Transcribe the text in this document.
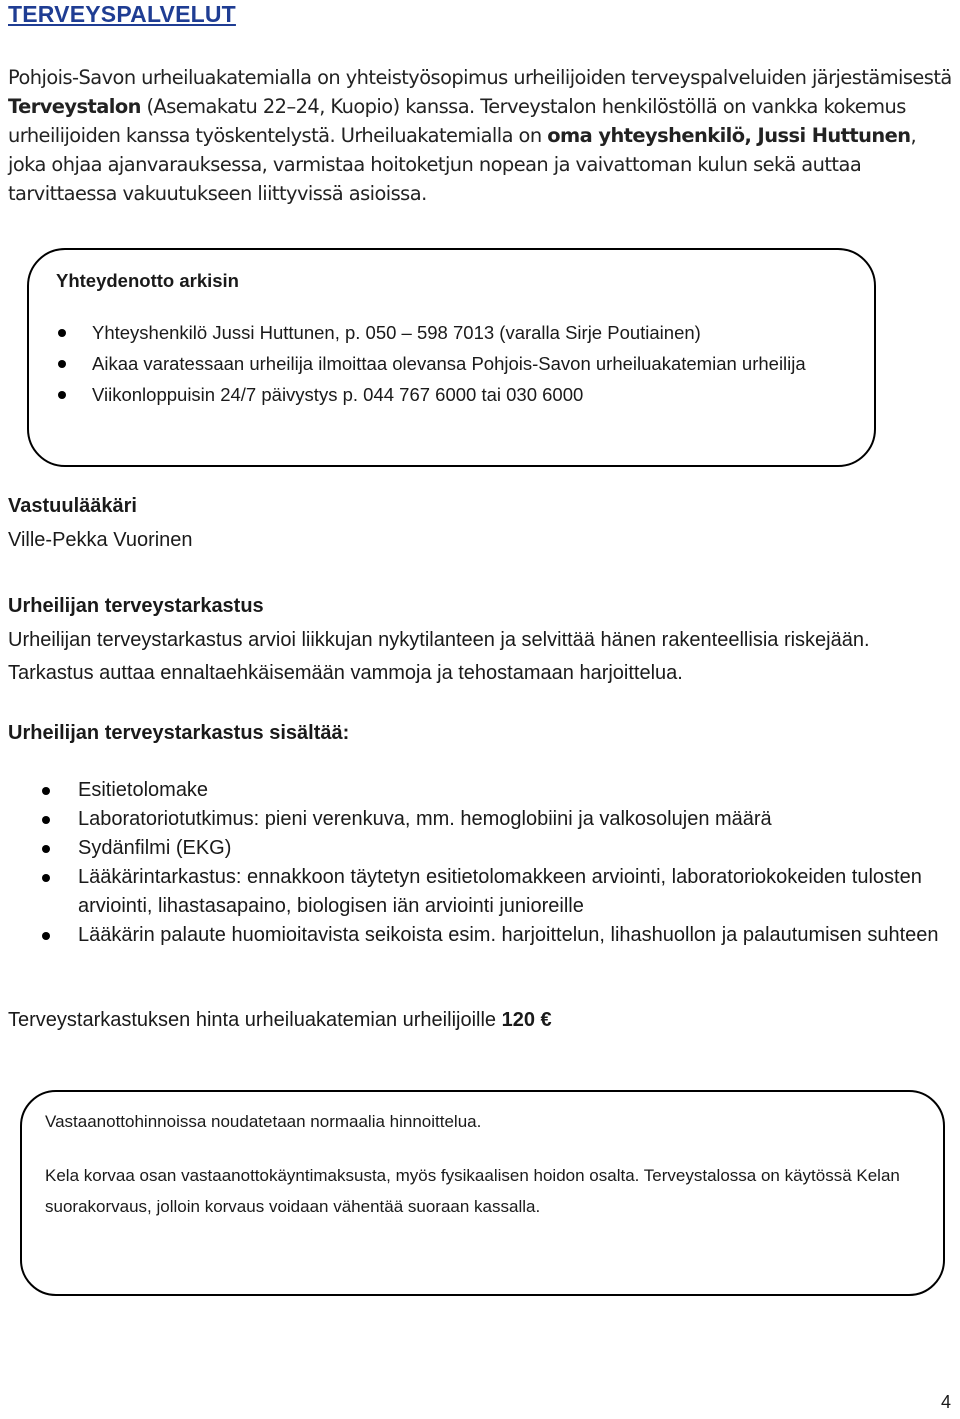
TERVEYSPALVELUT
Pohjois-Savon urheiluakatemialla on yhteistyösopimus urheilijoiden terveyspalveluiden järjestämisestä Terveystalon (Asemakatu 22–24, Kuopio) kanssa. Terveystalon henkilöstöllä on vankka kokemus urheilijoiden kanssa työskentelystä. Urheiluakatemialla on oma yhteyshenkilö, Jussi Huttunen, joka ohjaa ajanvarauksessa, varmistaa hoitoketjun nopean ja vaivattoman kulun sekä auttaa tarvittaessa vakuutukseen liittyvissä asioissa.
Yhteydenotto arkisin
Yhteyshenkilö Jussi Huttunen, p. 050 – 598 7013 (varalla Sirje Poutiainen)
Aikaa varatessaan urheilija ilmoittaa olevansa Pohjois-Savon urheiluakatemian urheilija
Viikonloppuisin 24/7 päivystys p. 044 767 6000 tai 030 6000
Vastuulääkäri
Ville-Pekka Vuorinen
Urheilijan terveystarkastus
Urheilijan terveystarkastus arvioi liikkujan nykytilanteen ja selvittää hänen rakenteellisia riskejään.
Tarkastus auttaa ennaltaehkäisemään vammoja ja tehostamaan harjoittelua.
Urheilijan terveystarkastus sisältää:
Esitietolomake
Laboratoriotutkimus: pieni verenkuva, mm. hemoglobiini ja valkosolujen määrä
Sydänfilmi (EKG)
Lääkärintarkastus: ennakkoon täytetyn esitietolomakkeen arviointi, laboratoriokokeiden tulosten arviointi, lihastasapaino, biologisen iän arviointi junioreille
Lääkärin palaute huomioitavista seikoista esim. harjoittelun, lihashuollon ja palautumisen suhteen
Terveystarkastuksen hinta urheiluakatemian urheilijoille 120 €
Vastaanottohinnoissa noudatetaan normaalia hinnoittelua.
Kela korvaa osan vastaanottokäyntimaksusta, myös fysikaalisen hoidon osalta. Terveystalossa on käytössä Kelan suorakorvaus, jolloin korvaus voidaan vähentää suoraan kassalla.
4
